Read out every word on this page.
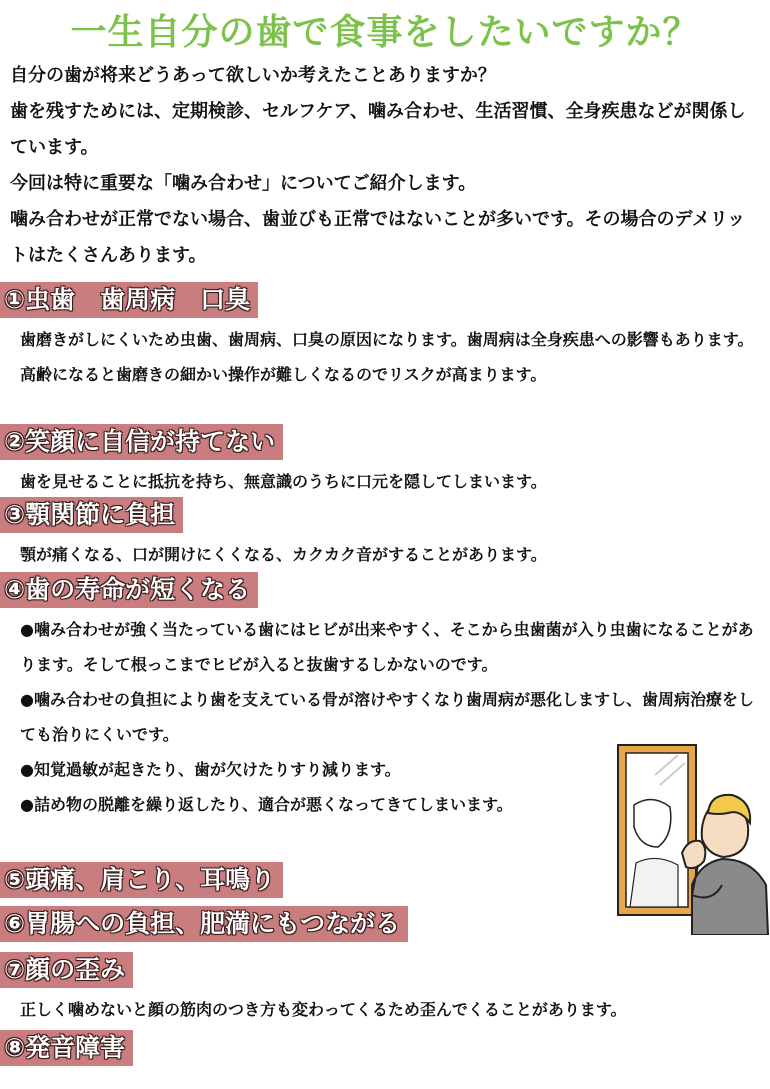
一生自分の歯で食事をしたいですか？

自分の歯が将来どうあって欲しいか考えたことありますか？

歯を残すためには、定期検診、セルフケア、噛み合わせ、生活習慣、全身疾患などが関係しています。

今回は特に重要な「噛み合わせ」についてご紹介します。

噛み合わせが正常でない場合、歯並びも正常ではないことが多いです。その場合のデメリットはたくさんあります。

①虫歯　歯周病　口臭

歯磨きがしにくいため虫歯、歯周病、口臭の原因になります。歯周病は全身疾患への影響もあります。高齢になると歯磨きの細かい操作が難しくなるのでリスクが高まります。

②笑顔に自信が持てない

歯を見せることに抵抗を持ち、無意識のうちに口元を隠してしまいます。

③顎関節に負担

顎が痛くなる、口が開けにくくなる、カクカク音がすることがあります。

④歯の寿命が短くなる

●噛み合わせが強く当たっている歯にはヒビが出来やすく、そこから虫歯菌が入り虫歯になることがあります。そして根っこまでヒビが入ると抜歯するしかないのです。

●噛み合わせの負担により歯を支えている骨が溶けやすくなり歯周病が悪化しますし、歯周病治療をしても治りにくいです。

●知覚過敏が起きたり、歯が欠けたりすり減ります。

●詰め物の脱離を繰り返したり、適合が悪くなってきてしまいます。

⑤頭痛、肩こり、耳鳴り
⑥胃腸への負担、肥満にもつながる
⑦顔の歪み

正しく噛めないと顔の筋肉のつき方も変わってくるため歪んでくることがあります。

⑧発音障害
